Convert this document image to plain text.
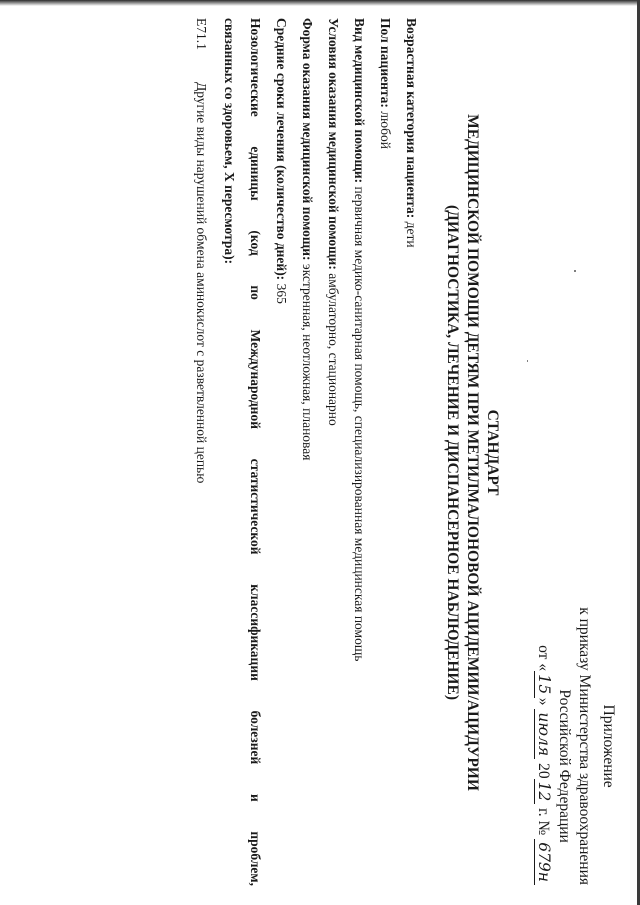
Приложение
к приказу Министерства здравоохранения
Российской Федерации
от «15» июля 2012 г. № 679н
СТАНДАРТ
МЕДИЦИНСКОЙ ПОМОЩИ ДЕТЯМ ПРИ МЕТИЛМАЛОНОВОЙ АЦИДЕМИИ/АЦИДУРИИ
(ДИАГНОСТИКА, ЛЕЧЕНИЕ И ДИСПАНСЕРНОЕ НАБЛЮДЕНИЕ)
Возрастная категория пациента: дети
Пол пациента: любой
Вид медицинской помощи: первичная медико-санитарная помощь, специализированная медицинская помощь
Условия оказания медицинской помощи: амбулаторно, стационарно
Форма оказания медицинской помощи: экстренная, неотложная, плановая
Средние сроки лечения (количество дней): 365
Нозологические
единицы
(код
по
Международной
статистической
классификации
болезней
и
проблем,
связанных со здоровьем, X пересмотра):
E71.1
Другие виды нарушений обмена аминокислот с разветвленной цепью
